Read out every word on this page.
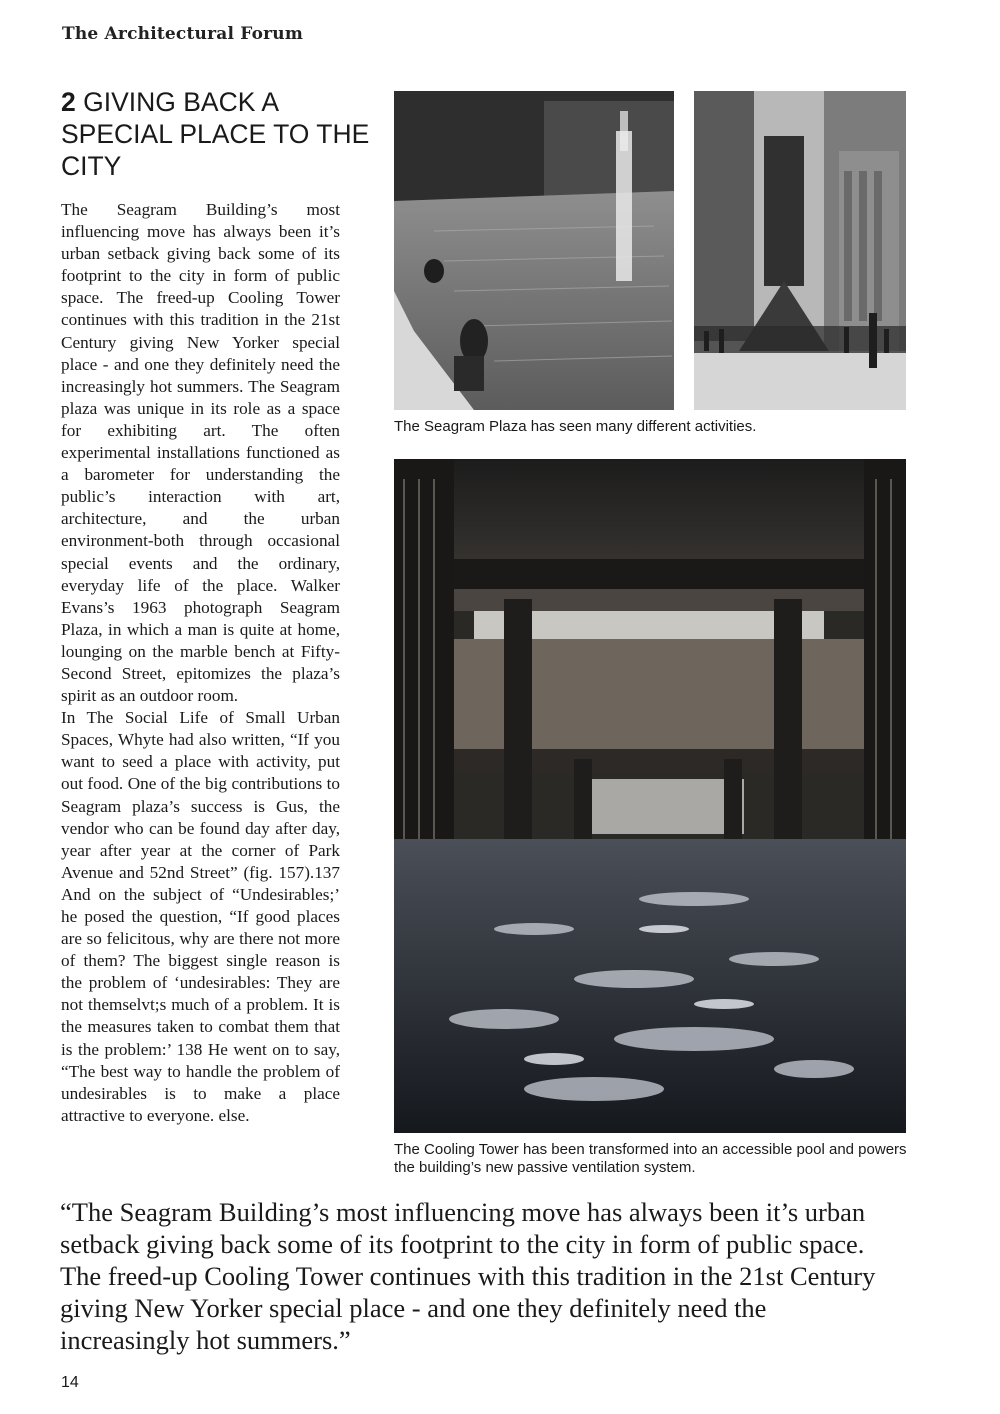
The Architectural Forum
2 GIVING BACK A SPECIAL PLACE TO THE CITY

The Seagram Building’s most influencing move has always been it’s urban setback giving back some of its footprint to the city in form of public space. The freed-up Cooling Tower continues with this tradition in the 21st Century giving New Yorker special place - and one they definitely need the increasingly hot summers. The Seagram plaza was unique in its role as a space for exhibiting art. The often experimental installations functioned as a barometer for understanding the public’s interaction with art, architecture, and the urban environment-both through occasional special events and the ordinary, everyday life of the place. Walker Evans’s 1963 photograph Seagram Plaza, in which a man is quite at home, lounging on the marble bench at Fifty-Second Street, epitomizes the plaza’s spirit as an outdoor room.

In The Social Life of Small Urban Spaces, Whyte had also written, “If you want to seed a place with activity, put out food. One of the big contributions to Seagram plaza’s success is Gus, the vendor who can be found day after day, year after year at the corner of Park Avenue and 52nd Street” (fig. 157).137 And on the subject of “Undesirables;’ he posed the question, “If good places are so felicitous, why are there not more of them? The biggest single reason is the problem of ‘undesirables: They are not themselvt;s much of a problem. It is the measures taken to combat them that is the problem:’ 138 He went on to say, “The best way to handle the problem of undesirables is to make a place attractive to everyone. else.

The Seagram Plaza has seen many different activities.
The Cooling Tower has been transformed into an accessible pool and powers the building’s new passive ventilation system.

“The Seagram Building’s most influencing move has always been it’s urban setback giving back some of its footprint to the city in form of public space. The freed-up Cooling Tower continues with this tradition in the 21st Century giving New Yorker special place - and one they definitely need the increasingly hot summers.”

14
